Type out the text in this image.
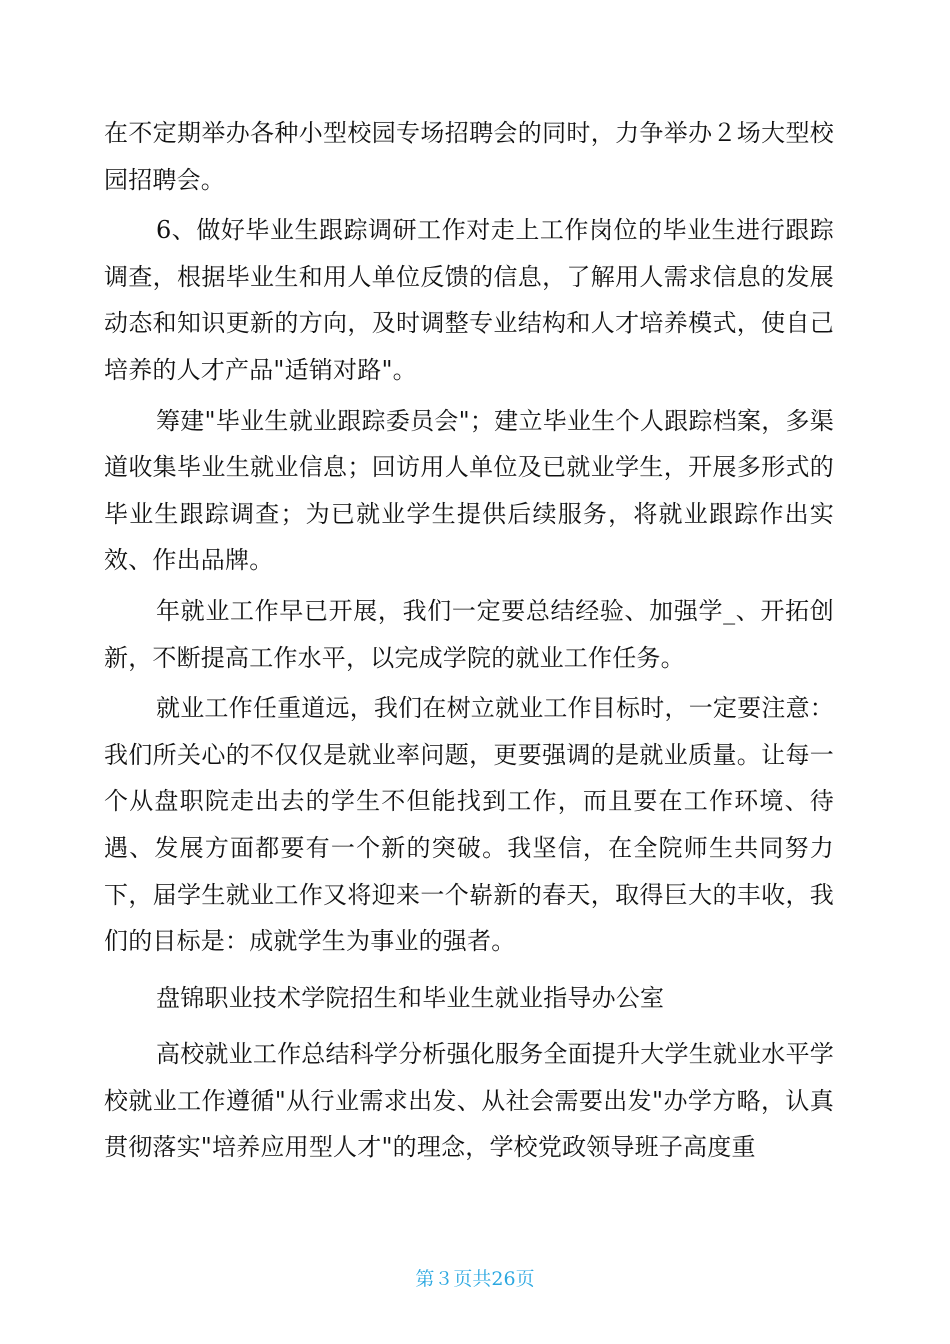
在不定期举办各种小型校园专场招聘会的同时，力争举办２场大型校园招聘会。

6、做好毕业生跟踪调研工作对走上工作岗位的毕业生进行跟踪调查，根据毕业生和用人单位反馈的信息，了解用人需求信息的发展动态和知识更新的方向，及时调整专业结构和人才培养模式，使自己培养的人才产品"适销对路"。

筹建"毕业生就业跟踪委员会"；建立毕业生个人跟踪档案，多渠道收集毕业生就业信息；回访用人单位及已就业学生，开展多形式的毕业生跟踪调查；为已就业学生提供后续服务，将就业跟踪作出实效、作出品牌。

年就业工作早已开展，我们一定要总结经验、加强学_、开拓创新，不断提高工作水平，以完成学院的就业工作任务。

就业工作任重道远，我们在树立就业工作目标时，一定要注意：我们所关心的不仅仅是就业率问题，更要强调的是就业质量。让每一个从盘职院走出去的学生不但能找到工作，而且要在工作环境、待遇、发展方面都要有一个新的突破。我坚信，在全院师生共同努力下，届学生就业工作又将迎来一个崭新的春天，取得巨大的丰收，我们的目标是：成就学生为事业的强者。

盘锦职业技术学院招生和毕业生就业指导办公室

高校就业工作总结科学分析强化服务全面提升大学生就业水平学校就业工作遵循"从行业需求出发、从社会需要出发"办学方略，认真贯彻落实"培养应用型人才"的理念，学校党政领导班子高度重

第３页共26页
